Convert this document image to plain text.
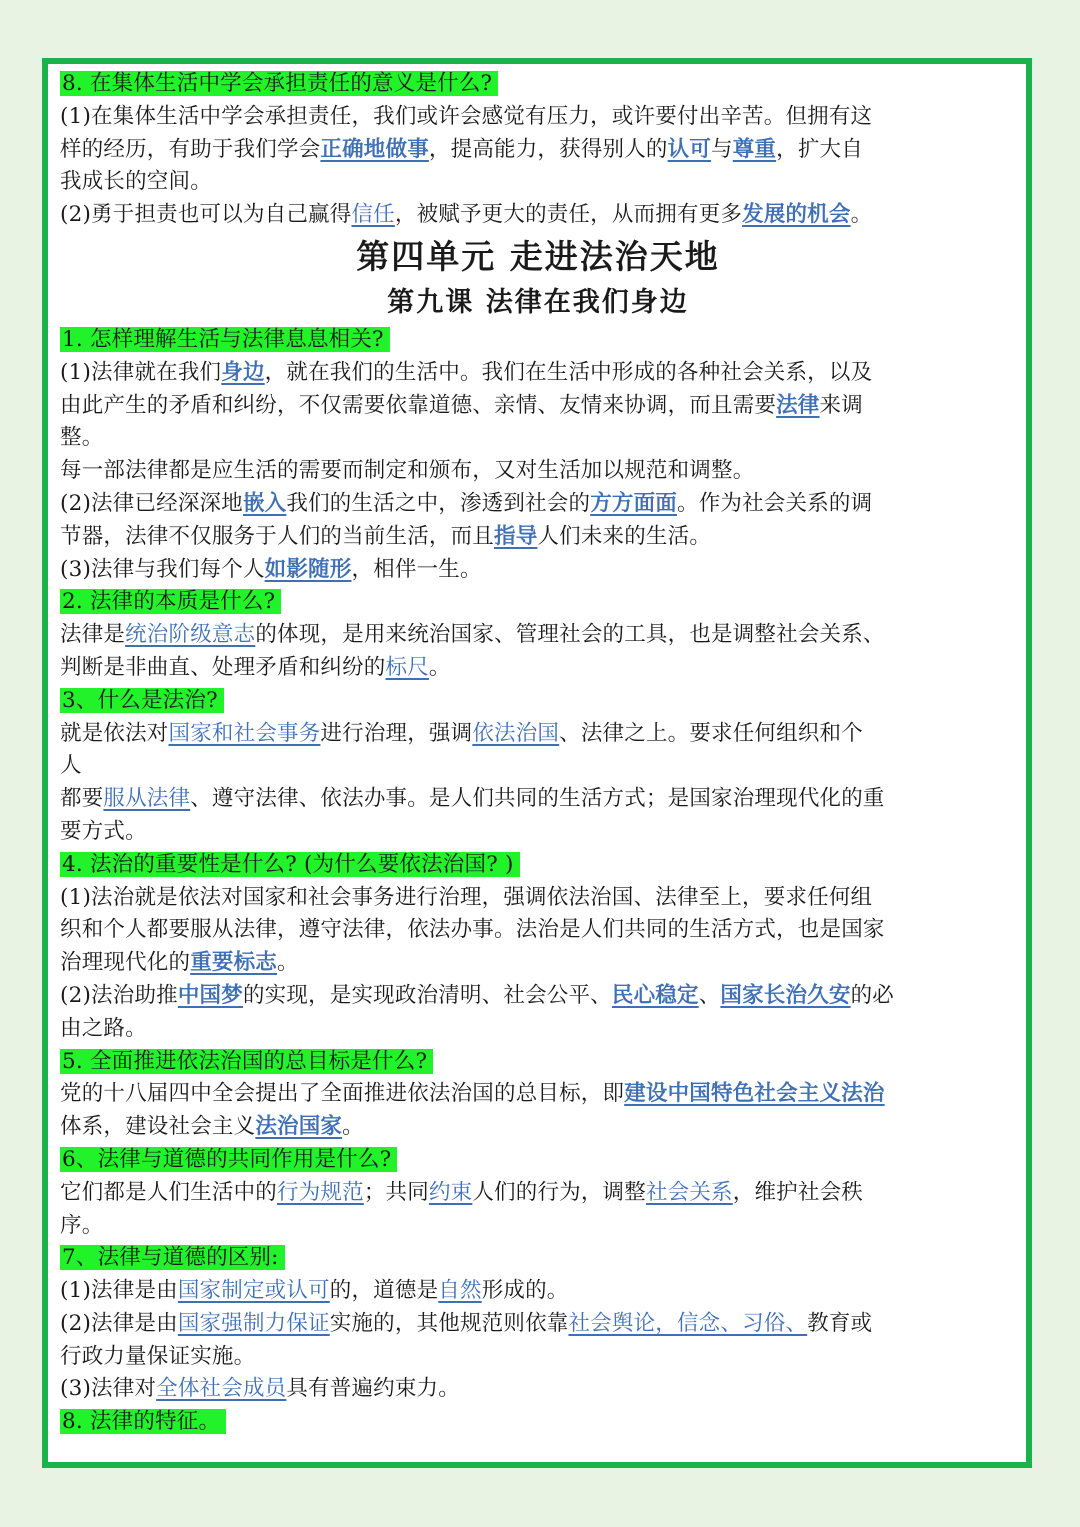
8. 在集体生活中学会承担责任的意义是什么?
(1)在集体生活中学会承担责任，我们或许会感觉有压力，或许要付出辛苦。但拥有这
样的经历，有助于我们学会正确地做事，提高能力，获得别人的认可与尊重，扩大自
我成长的空间。
(2)勇于担责也可以为自己赢得信任，被赋予更大的责任，从而拥有更多发展的机会。
第四单元 走进法治天地
第九课 法律在我们身边
1. 怎样理解生活与法律息息相关?
(1)法律就在我们身边，就在我们的生活中。我们在生活中形成的各种社会关系，以及
由此产生的矛盾和纠纷，不仅需要依靠道德、亲情、友情来协调，而且需要法律来调
整。
每一部法律都是应生活的需要而制定和颁布，又对生活加以规范和调整。
(2)法律已经深深地嵌入我们的生活之中，渗透到社会的方方面面。作为社会关系的调
节器，法律不仅服务于人们的当前生活，而且指导人们未来的生活。
(3)法律与我们每个人如影随形，相伴一生。
2. 法律的本质是什么?
法律是统治阶级意志的体现，是用来统治国家、管理社会的工具，也是调整社会关系、
判断是非曲直、处理矛盾和纠纷的标尺。
3、什么是法治?
就是依法对国家和社会事务进行治理，强调依法治国、法律之上。要求任何组织和个
人
都要服从法律、遵守法律、依法办事。是人们共同的生活方式；是国家治理现代化的重
要方式。
4. 法治的重要性是什么? (为什么要依法治国? )
(1)法治就是依法对国家和社会事务进行治理，强调依法治国、法律至上，要求任何组
织和个人都要服从法律，遵守法律，依法办事。法治是人们共同的生活方式，也是国家
治理现代化的重要标志。
(2)法治助推中国梦的实现，是实现政治清明、社会公平、民心稳定、国家长治久安的必
由之路。
5. 全面推进依法治国的总目标是什么?
党的十八届四中全会提出了全面推进依法治国的总目标，即建设中国特色社会主义法治
体系，建设社会主义法治国家。
6、法律与道德的共同作用是什么?
它们都是人们生活中的行为规范；共同约束人们的行为，调整社会关系，维护社会秩
序。
7、法律与道德的区别:
(1)法律是由国家制定或认可的，道德是自然形成的。
(2)法律是由国家强制力保证实施的，其他规范则依靠社会舆论，信念、习俗、教育或
行政力量保证实施。
(3)法律对全体社会成员具有普遍约束力。
8. 法律的特征。
